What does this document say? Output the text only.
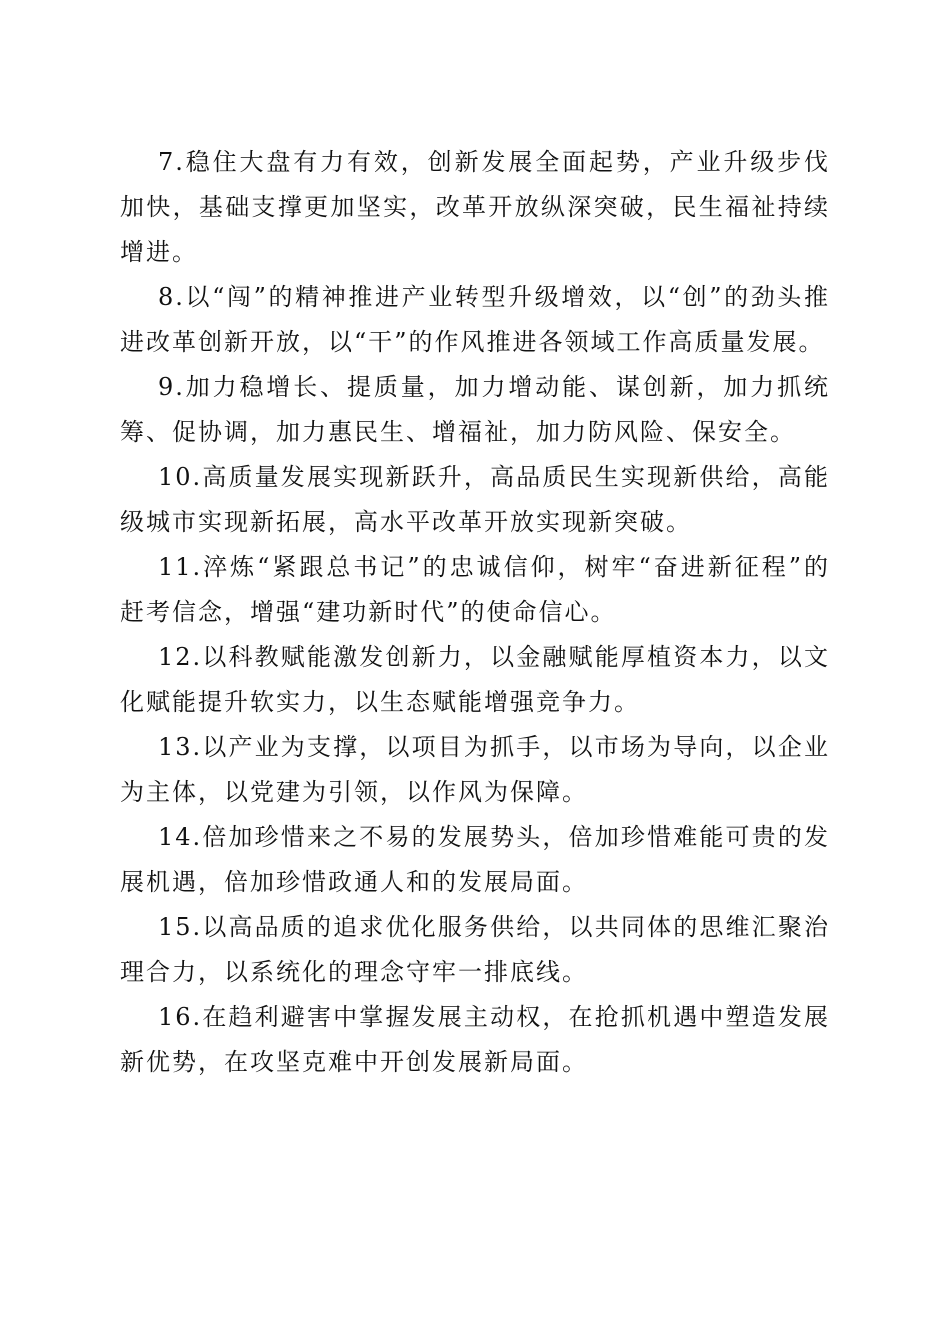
7.稳住大盘有力有效，创新发展全面起势，产业升级步伐加快，基础支撑更加坚实，改革开放纵深突破，民生福祉持续增进。

8.以“闯”的精神推进产业转型升级增效，以“创”的劲头推进改革创新开放，以“干”的作风推进各领域工作高质量发展。

9.加力稳增长、提质量，加力增动能、谋创新，加力抓统筹、促协调，加力惠民生、增福祉，加力防风险、保安全。

10.高质量发展实现新跃升，高品质民生实现新供给，高能级城市实现新拓展，高水平改革开放实现新突破。

11.淬炼“紧跟总书记”的忠诚信仰，树牢“奋进新征程”的赶考信念，增强“建功新时代”的使命信心。

12.以科教赋能激发创新力，以金融赋能厚植资本力，以文化赋能提升软实力，以生态赋能增强竞争力。

13.以产业为支撑，以项目为抓手，以市场为导向，以企业为主体，以党建为引领，以作风为保障。

14.倍加珍惜来之不易的发展势头，倍加珍惜难能可贵的发展机遇，倍加珍惜政通人和的发展局面。

15.以高品质的追求优化服务供给，以共同体的思维汇聚治理合力，以系统化的理念守牢一排底线。

16.在趋利避害中掌握发展主动权，在抢抓机遇中塑造发展新优势，在攻坚克难中开创发展新局面。
